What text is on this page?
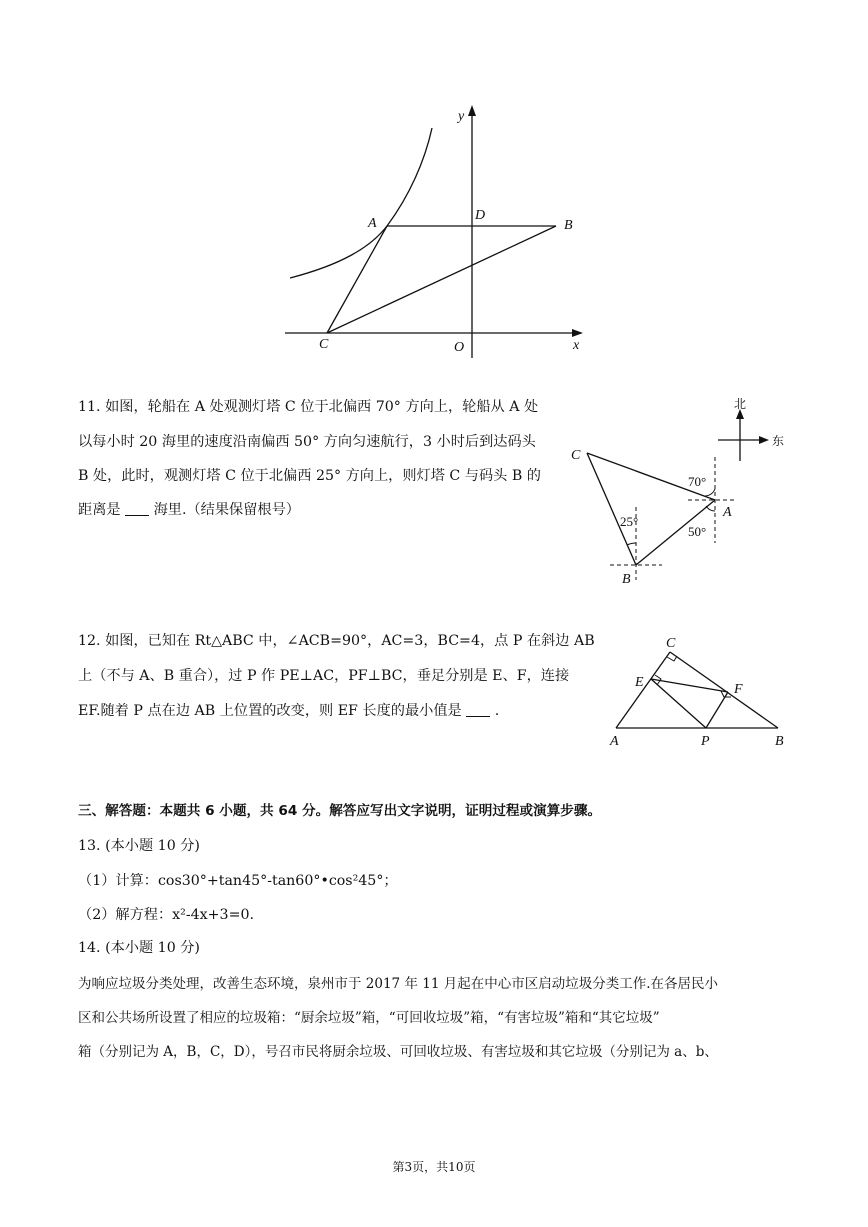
y
x
A
D
B
C	O
11. 如图，轮船在 A 处观测灯塔 C 位于北偏西 70° 方向上，轮船从 A 处
以每小时 20 海里的速度沿南偏西 50° 方向匀速航行，3 小时后到达码头
B 处，此时，观测灯塔 C 位于北偏西 25° 方向上，则灯塔 C 与码头 B 的
距离是 海里.（结果保留根号）
北
东
70°
50°
25°
C
A
B
12. 如图，已知在 Rt△ABC 中，∠ACB=90°，AC=3，BC=4，点 P 在斜边 AB
上（不与 A、B 重合），过 P 作 PE⊥AC，PF⊥BC，垂足分别是 E、F，连接
EF.随着 P 点在边 AB 上位置的改变，则 EF 长度的最小值是 .
C
E	F
A	P	B
三、解答题：本题共 6 小题，共 64 分。解答应写出文字说明，证明过程或演算步骤。
13. (本小题 10 分)
（1）计算：cos30°+tan45°-tan60°•cos²45°；
（2）解方程：x²-4x+3=0.
14. (本小题 10 分)
为响应垃圾分类处理，改善生态环境，泉州市于 2017 年 11 月起在中心市区启动垃圾分类工作.在各居民小
区和公共场所设置了相应的垃圾箱：“厨余垃圾”箱，“可回收垃圾”箱，“有害垃圾”箱和“其它垃圾”
箱（分别记为 A，B，C，D），号召市民将厨余垃圾、可回收垃圾、有害垃圾和其它垃圾（分别记为 a、b、
第3页，共10页
